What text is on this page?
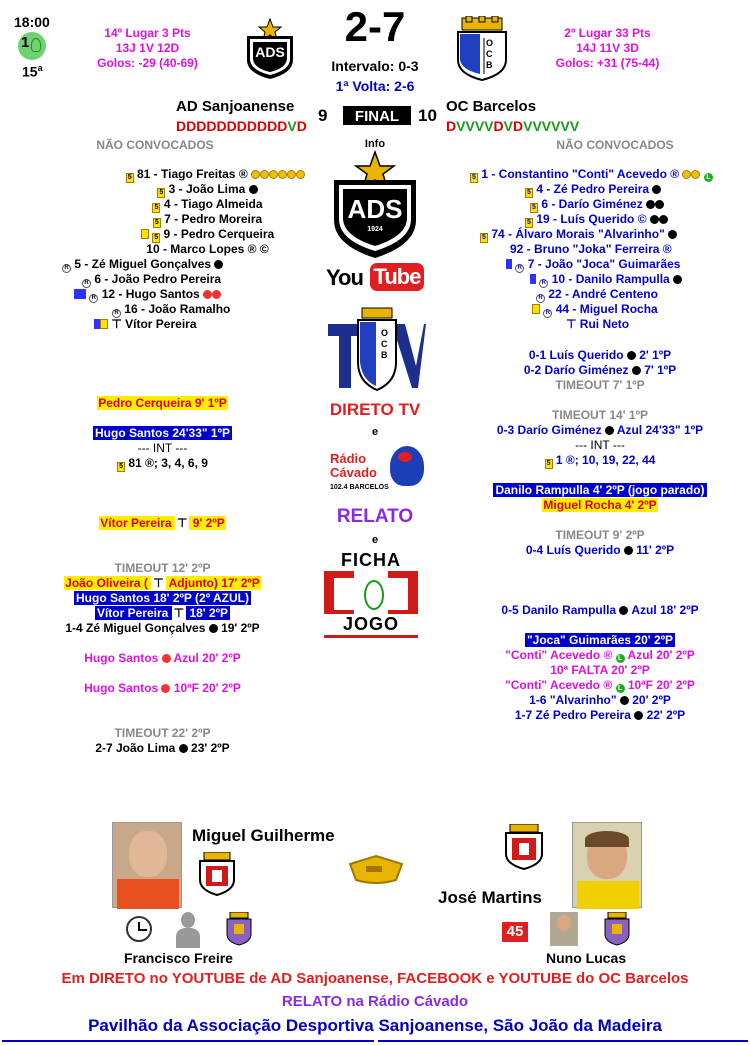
18:00
1
15$^a$
14º Lugar 3 Pts
13J 1V 12D
Golos: -29 (40-69)
ADS
2-7
Intervalo: 0-3
1ª Volta: 2-6
O
C
B
2º Lugar 33 Pts
14J 11V 3D
Golos: +31 (75-44)
AD Sanjoanense
DDDDDDDDDDDVD
9	FINAL	10 OC Barcelos
DVVVVDVDVVVVVV
NÃO CONVOCADOS	NÃO CONVOCADOS
Info
5 81 - Tiago Freitas ®
5 3 - João Lima
5 4 - Tiago Almeida
5 7 - Pedro Moreira
5 9 - Pedro Cerqueira
10 - Marco Lopes ® ©
R 5 - Zé Miguel Gonçalves
R 6 - João Pedro Pereira
R 12 - Hugo Santos
R 16 - João Ramalho
⊤ Vítor Pereira
5 1 - Constantino "Conti" Acevedo ®	L
5 4 - Zé Pedro Pereira
5 6 - Darío Giménez
5 19 - Luís Querido ©
5 74 - Álvaro Morais "Alvarinho"
92 - Bruno "Joka" Ferreira ®
R 7 - João "Joca" Guimarães
R 10 - Danilo Rampulla
R 22 - André Centeno
R 44 - Miguel Rocha
⊤ Rui Neto
ADS
1924
You Tube
O
C
B
DIRETO TV
e
Rádio
Cávado
102.4 BARCELOS
RELATO
e
FICHA
JOGO
Pedro Cerqueira 9' 1ºP
Hugo Santos 24'33" 1ºP
--- INT ---
5 81 ®; 3, 4, 6, 9
Vítor Pereira ⊤ 9' 2ºP
TIMEOUT 12' 2ºP
João Oliveira ( ⊤ Adjunto) 17' 2ºP
Hugo Santos 18' 2ºP (2º AZUL)
Vítor Pereira ⊤ 18' 2ºP
1-4 Zé Miguel Gonçalves 19' 2ºP
Hugo Santos Azul 20' 2ºP
Hugo Santos 10ªF 20' 2ºP
TIMEOUT 22' 2ºP
2-7 João Lima 23' 2ºP
0-1 Luís Querido 2' 1ºP
0-2 Darío Giménez 7' 1ºP
TIMEOUT 7' 1ºP
TIMEOUT 14' 1ºP
0-3 Darío Giménez Azul 24'33" 1ºP
--- INT ---
5 1 ®; 10, 19, 22, 44
Danilo Rampulla 4' 2ºP (jogo parado)
Miguel Rocha 4' 2ºP
TIMEOUT 9' 2ºP
0-4 Luís Querido 11' 2ºP
0-5 Danilo Rampulla Azul 18' 2ºP
"Joca" Guimarães 20' 2ºP
"Conti" Acevedo ® L Azul 20' 2ºP
10ª FALTA 20' 2ºP
"Conti" Acevedo ® L 10ªF 20' 2ºP
1-6 "Alvarinho" 20' 2ºP
1-7 Zé Pedro Pereira 22' 2ºP
Miguel Guilherme
José Martins
Francisco Freire
45
Nuno Lucas
Em DIRETO no YOUTUBE de AD Sanjoanense, FACEBOOK e YOUTUBE do OC Barcelos
RELATO na Rádio Cávado
Pavilhão da Associação Desportiva Sanjoanense, São João da Madeira
